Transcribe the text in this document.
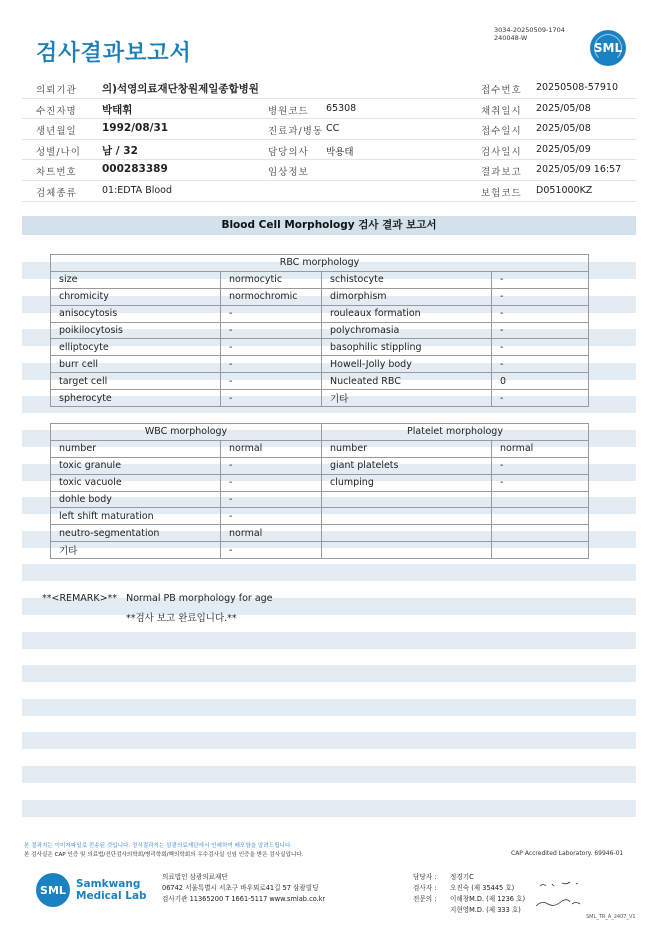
검사결과보고서
3034-20250509-1704
240048-W
SML
의뢰기관 의)석영의료재단창원제일종합병원	접수번호 20250508-57910
수진자명 박태휘	병원코드 65308	채취일시 2025/05/08
생년월일 1992/08/31	진료과/병동 CC	접수일시 2025/05/08
성별/나이 남 / 32	담당의사 박용태	검사일시 2025/05/09
차트번호 000283389	임상정보	결과보고 2025/05/09 16:57
검체종류	01:EDTA Blood	보험코드 D051000KZ
Blood Cell Morphology 검사 결과 보고서
RBC morphology			
size	normocytic	schistocyte	-
chromicity	normochromic	dimorphism	-
anisocytosis	-	rouleaux formation	-
poikilocytosis	-	polychromasia	-
elliptocyte	-	basophilic stippling	-
burr cell	-	Howell-Jolly body	-
target cell	-	Nucleated RBC	0
spherocyte	-	기타	-
WBC morphology		Platelet morphology	
number	normal	number	normal
toxic granule	-	giant platelets	-
toxic vacuole	-	clumping	-
dohle body	-		
left shift maturation	-		
neutro-segmentation	normal		
기타	-		
**<REMARK>** Normal PB morphology for age
**검사 보고 완료입니다.**
본 결과지는 이미지파일로 전송된 것입니다. 정식결과지는 삼광의료재단에서 인쇄하여 배포함을 알려드립니다.
본 검사실은 CAP 인증 및 의료법/진단검사의학회/병리학회/핵의학회의 우수검사실 신임 인증을 받은 검사실입니다.	CAP Accredited Laboratory. 69946-01
SML Samkwang
Medical Lab
의료법인 삼광의료재단
06742 서울특별시 서초구 바우뫼로41길 57 삼광빌딩
검사기관 11365200 T 1661-5117 www.smlab.co.kr
담당자 :	정경기C
검사자 :	오진숙 (제 35445 호)
전문의 :	이해창M.D. (제 1236 호)
지현영M.D. (제 333 호)
SML_TR_A_2407_V1
